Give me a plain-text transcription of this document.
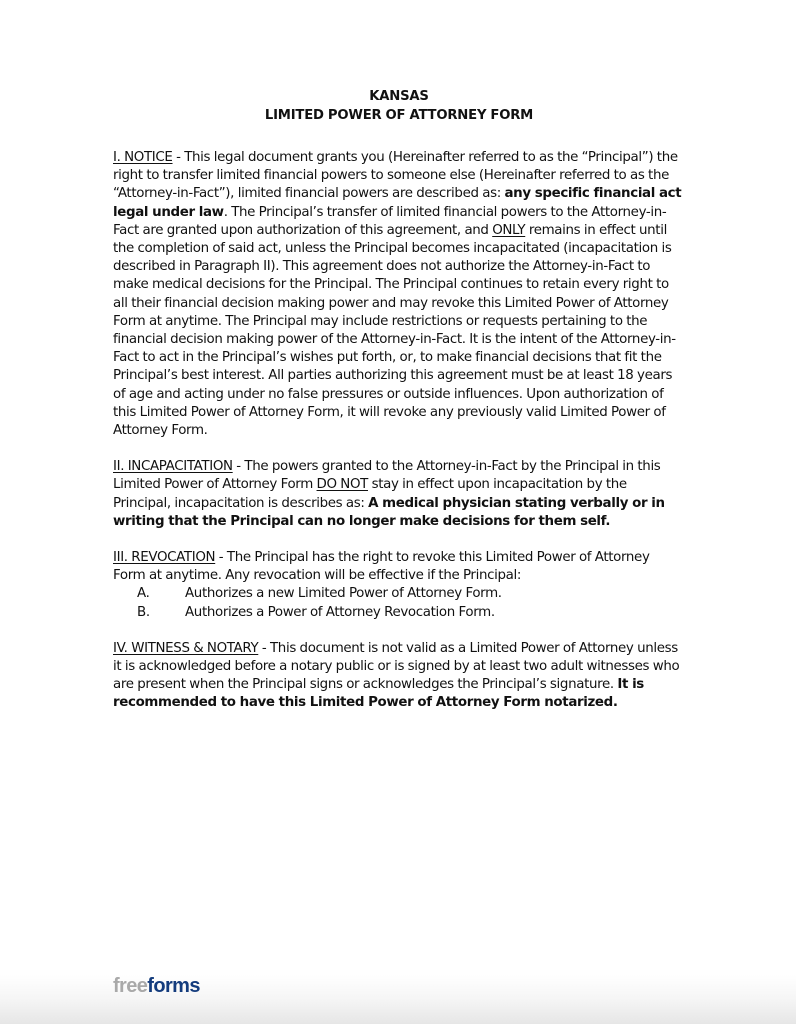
KANSAS
LIMITED POWER OF ATTORNEY FORM
I. NOTICE - This legal document grants you (Hereinafter referred to as the “Principal”) the right to transfer limited financial powers to someone else (Hereinafter referred to as the “Attorney-in-Fact”), limited financial powers are described as: any specific financial act legal under law. The Principal’s transfer of limited financial powers to the Attorney-in-Fact are granted upon authorization of this agreement, and ONLY remains in effect until the completion of said act, unless the Principal becomes incapacitated (incapacitation is described in Paragraph II). This agreement does not authorize the Attorney-in-Fact to make medical decisions for the Principal. The Principal continues to retain every right to all their financial decision making power and may revoke this Limited Power of Attorney Form at anytime. The Principal may include restrictions or requests pertaining to the financial decision making power of the Attorney-in-Fact. It is the intent of the Attorney-in-Fact to act in the Principal’s wishes put forth, or, to make financial decisions that fit the Principal’s best interest. All parties authorizing this agreement must be at least 18 years of age and acting under no false pressures or outside influences. Upon authorization of this Limited Power of Attorney Form, it will revoke any previously valid Limited Power of Attorney Form.
II. INCAPACITATION - The powers granted to the Attorney-in-Fact by the Principal in this Limited Power of Attorney Form DO NOT stay in effect upon incapacitation by the Principal, incapacitation is describes as: A medical physician stating verbally or in writing that the Principal can no longer make decisions for them self.
III. REVOCATION - The Principal has the right to revoke this Limited Power of Attorney Form at anytime. Any revocation will be effective if the Principal:
A.	Authorizes a new Limited Power of Attorney Form.
B.	Authorizes a Power of Attorney Revocation Form.
IV. WITNESS & NOTARY - This document is not valid as a Limited Power of Attorney unless it is acknowledged before a notary public or is signed by at least two adult witnesses who are present when the Principal signs or acknowledges the Principal’s signature. It is recommended to have this Limited Power of Attorney Form notarized.
freeforms
